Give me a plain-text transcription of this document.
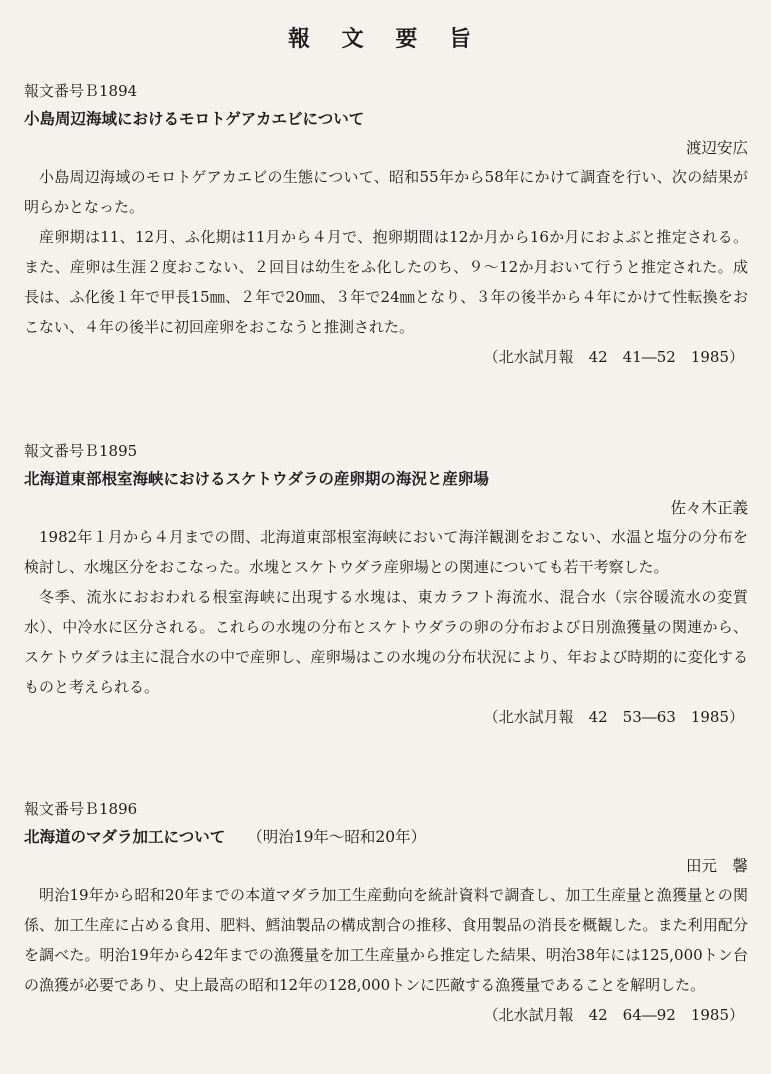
報 文 要 旨
報文番号Ｂ1894
小島周辺海域におけるモロトゲアカエビについて
渡辺安広

小島周辺海域のモロトゲアカエビの生態について、昭和55年から58年にかけて調査を行い、次の結果が明らかとなった。

産卵期は11、12月、ふ化期は11月から４月で、抱卵期間は12か月から16か月におよぶと推定される。また、産卵は生涯２度おこない、２回目は幼生をふ化したのち、９～12か月おいて行うと推定された。成長は、ふ化後１年で甲長15㎜、２年で20㎜、３年で24㎜となり、３年の後半から４年にかけて性転換をおこない、４年の後半に初回産卵をおこなうと推測された。

（北水試月報　42　41―52　1985）
報文番号Ｂ1895
北海道東部根室海峡におけるスケトウダラの産卵期の海況と産卵場
佐々木正義

1982年１月から４月までの間、北海道東部根室海峡において海洋観測をおこない、水温と塩分の分布を検討し、水塊区分をおこなった。水塊とスケトウダラ産卵場との関連についても若干考察した。

冬季、流氷におおわれる根室海峡に出現する水塊は、東カラフト海流水、混合水（宗谷暖流水の変質水）、中冷水に区分される。これらの水塊の分布とスケトウダラの卵の分布および日別漁獲量の関連から、スケトウダラは主に混合水の中で産卵し、産卵場はこの水塊の分布状況により、年および時期的に変化するものと考えられる。

（北水試月報　42　53―63　1985）
報文番号Ｂ1896
北海道のマダラ加工について （明治19年～昭和20年）
田元　馨

明治19年から昭和20年までの本道マダラ加工生産動向を統計資料で調査し、加工生産量と漁獲量との関係、加工生産に占める食用、肥料、鱈油製品の構成割合の推移、食用製品の消長を概観した。また利用配分を調べた。明治19年から42年までの漁獲量を加工生産量から推定した結果、明治38年には125,000トン台の漁獲が必要であり、史上最高の昭和12年の128,000トンに匹敵する漁獲量であることを解明した。

（北水試月報　42　64―92　1985）
